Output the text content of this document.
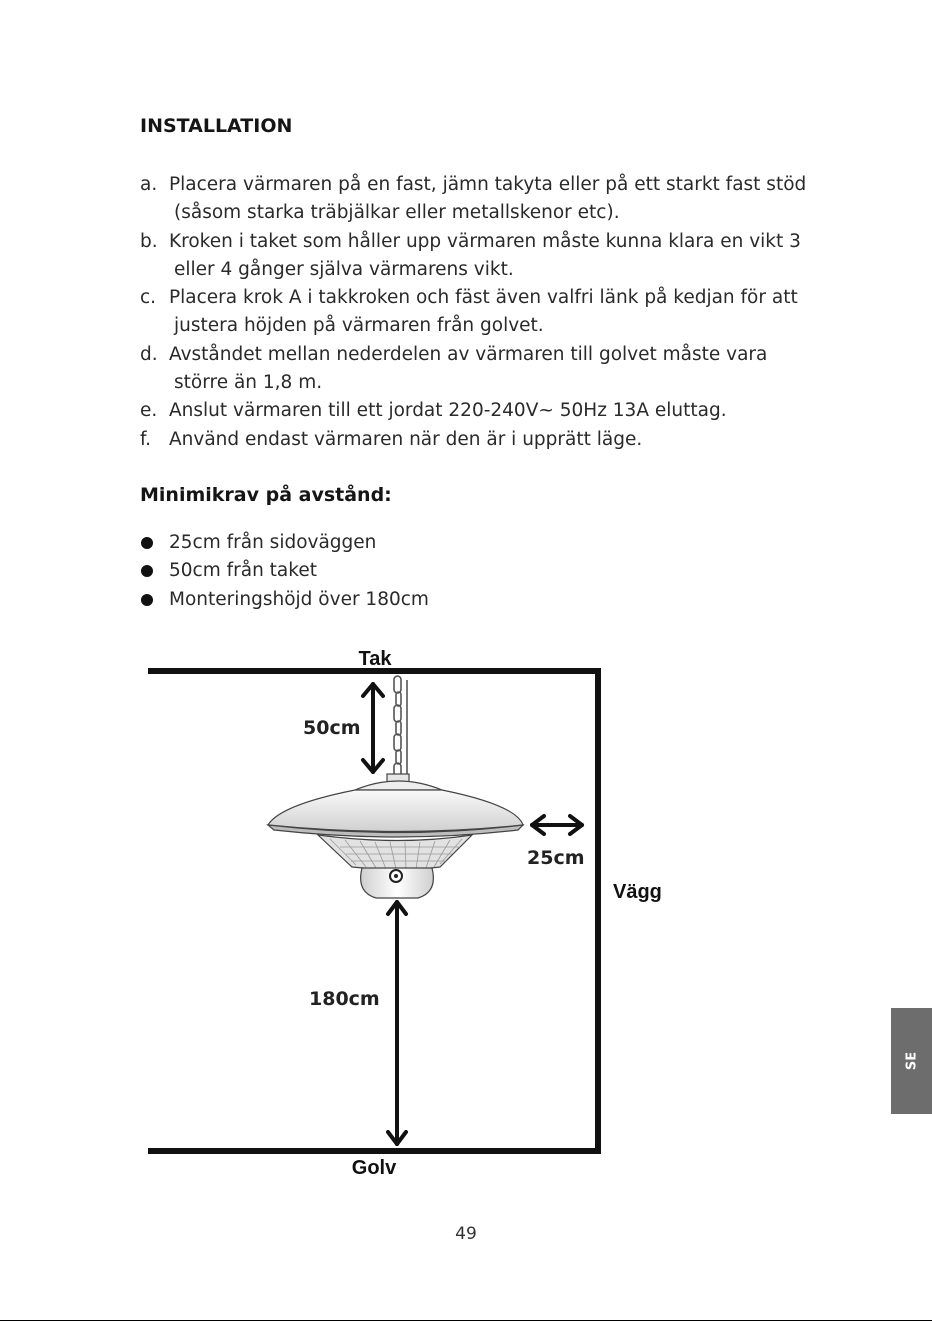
INSTALLATION
a. Placera värmaren på en fast, jämn takyta eller på ett starkt fast stöd
(såsom starka träbjälkar eller metallskenor etc).
b. Kroken i taket som håller upp värmaren måste kunna klara en vikt 3
eller 4 gånger själva värmarens vikt.
c. Placera krok A i takkroken och fäst även valfri länk på kedjan för att
justera höjden på värmaren från golvet.
d. Avståndet mellan nederdelen av värmaren till golvet måste vara
större än 1,8 m.
e. Anslut värmaren till ett jordat 220-240V~ 50Hz 13A eluttag.
f. Använd endast värmaren när den är i upprätt läge.
Minimikrav på avstånd:
25cm från sidoväggen
50cm från taket
Monteringshöjd över 180cm
Tak
Golv
Vägg
50cm
25cm
180cm
49
SE
